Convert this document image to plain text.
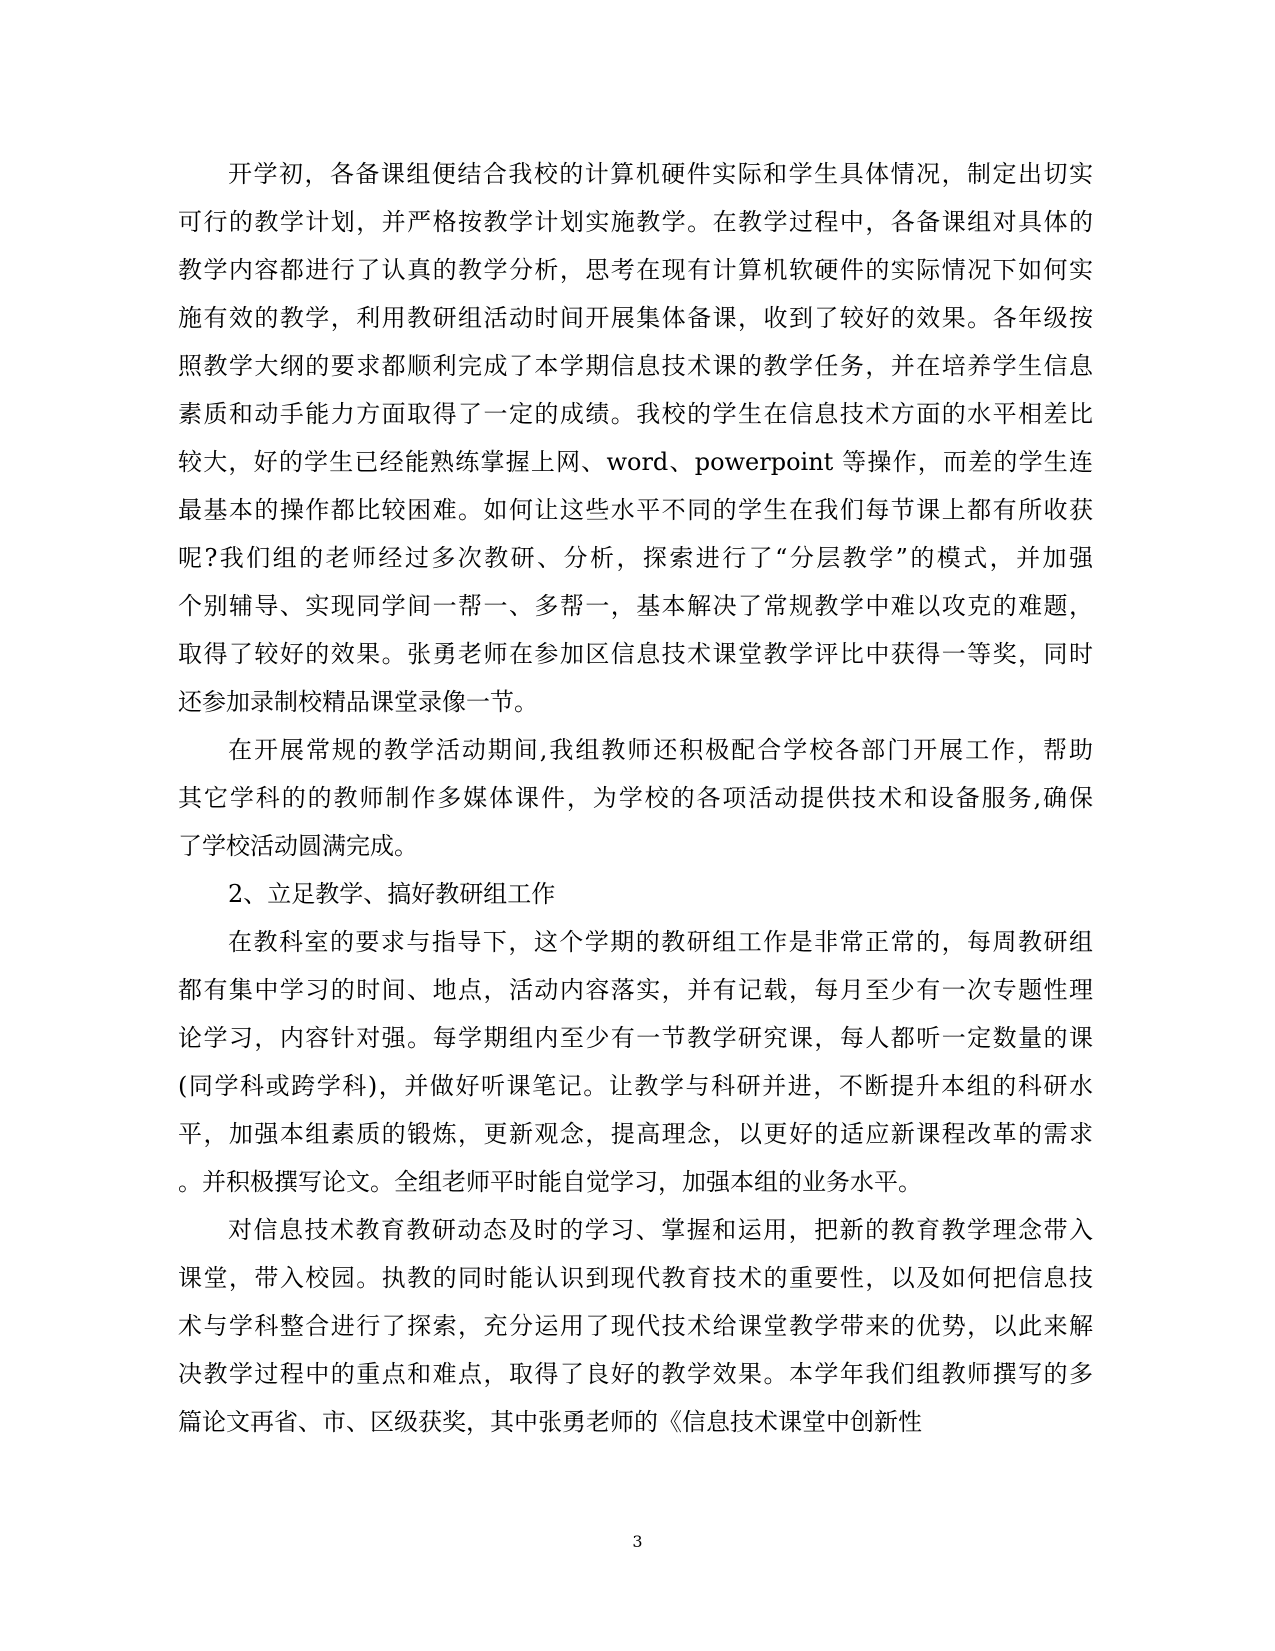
开学初，各备课组便结合我校的计算机硬件实际和学生具体情况，制定出切实
可行的教学计划，并严格按教学计划实施教学。在教学过程中，各备课组对具体的
教学内容都进行了认真的教学分析，思考在现有计算机软硬件的实际情况下如何实
施有效的教学，利用教研组活动时间开展集体备课，收到了较好的效果。各年级按
照教学大纲的要求都顺利完成了本学期信息技术课的教学任务，并在培养学生信息
素质和动手能力方面取得了一定的成绩。我校的学生在信息技术方面的水平相差比
较大，好的学生已经能熟练掌握上网、word、powerpoint 等操作，而差的学生连
最基本的操作都比较困难。如何让这些水平不同的学生在我们每节课上都有所收获
呢?我们组的老师经过多次教研、分析，探索进行了“分层教学”的模式，并加强
个别辅导、实现同学间一帮一、多帮一，基本解决了常规教学中难以攻克的难题，
取得了较好的效果。张勇老师在参加区信息技术课堂教学评比中获得一等奖，同时
还参加录制校精品课堂录像一节。
在开展常规的教学活动期间,我组教师还积极配合学校各部门开展工作，帮助
其它学科的的教师制作多媒体课件，为学校的各项活动提供技术和设备服务,确保
了学校活动圆满完成。
2、立足教学、搞好教研组工作
在教科室的要求与指导下，这个学期的教研组工作是非常正常的，每周教研组
都有集中学习的时间、地点，活动内容落实，并有记载，每月至少有一次专题性理
论学习，内容针对强。每学期组内至少有一节教学研究课，每人都听一定数量的课
(同学科或跨学科)，并做好听课笔记。让教学与科研并进，不断提升本组的科研水
平，加强本组素质的锻炼，更新观念，提高理念，以更好的适应新课程改革的需求
。并积极撰写论文。全组老师平时能自觉学习，加强本组的业务水平。
对信息技术教育教研动态及时的学习、掌握和运用，把新的教育教学理念带入
课堂，带入校园。执教的同时能认识到现代教育技术的重要性，以及如何把信息技
术与学科整合进行了探索，充分运用了现代技术给课堂教学带来的优势，以此来解
决教学过程中的重点和难点，取得了良好的教学效果。本学年我们组教师撰写的多
篇论文再省、市、区级获奖，其中张勇老师的《信息技术课堂中创新性
3
